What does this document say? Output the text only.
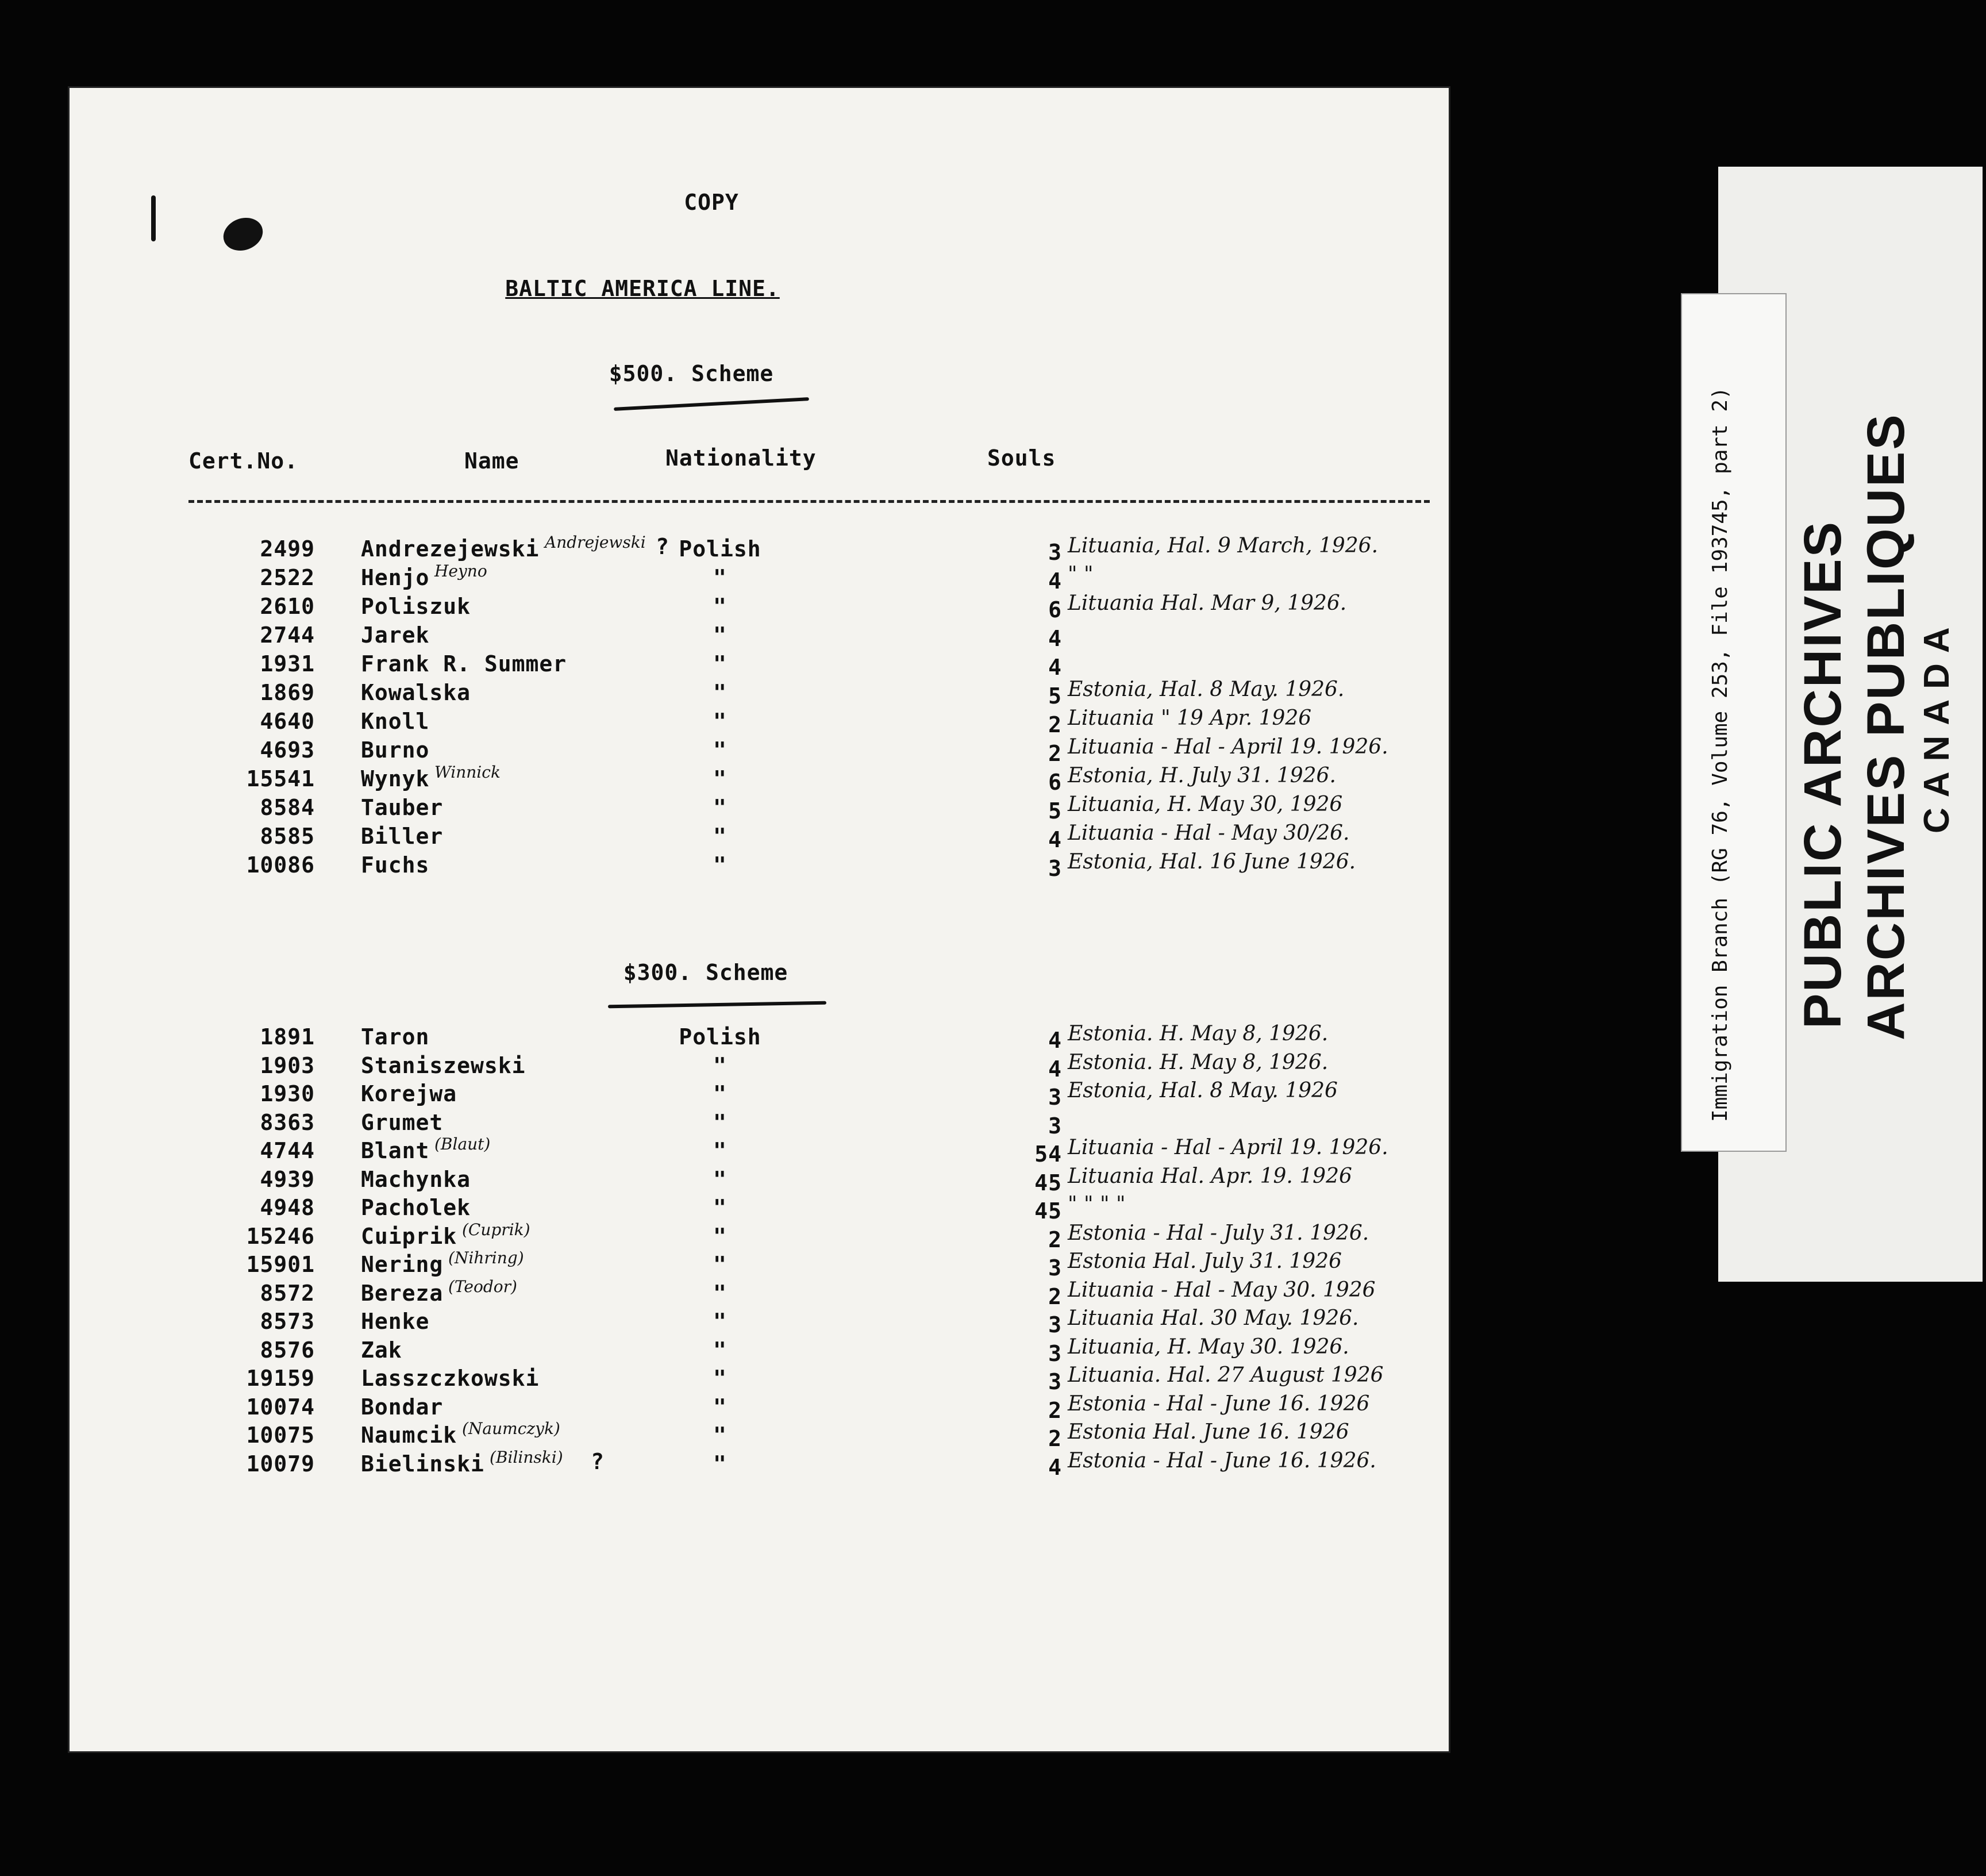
COPY
BALTIC AMERICA LINE.
$500. Scheme
Cert.No.	Name	Nationality	Souls
2499 Andrezejewski Andrejewski ? Polish	3 Lituania, Hal. 9 March, 1926.
2522 Henjo Heyno	"	4 " "
2610 Poliszuk	"	6 Lituania Hal. Mar 9, 1926.
2744 Jarek	"	4
1931 Frank R. Summer	"	4
1869 Kowalska	"	5 Estonia, Hal. 8 May. 1926.
4640 Knoll	"	2 Lituania " 19 Apr. 1926
4693 Burno	"	2 Lituania - Hal - April 19. 1926.
15541 Wynyk Winnick	"	6 Estonia, H. July 31. 1926.
8584 Tauber	"	5 Lituania, H. May 30, 1926
8585 Biller	"	4 Lituania - Hal - May 30/26.
10086 Fuchs	"	3 Estonia, Hal. 16 June 1926.
$300. Scheme
1891 Taron	Polish	4 Estonia. H. May 8, 1926.
1903 Staniszewski	"	4 Estonia. H. May 8, 1926.
1930 Korejwa	"	3 Estonia, Hal. 8 May. 1926
8363 Grumet	"	3
4744 Blant (Blaut)	"	54 Lituania - Hal - April 19. 1926.
4939 Machynka	"	45 Lituania Hal. Apr. 19. 1926
4948 Pacholek	"	45 " " " "
15246 Cuiprik (Cuprik)	"	2 Estonia - Hal - July 31. 1926.
15901 Nering (Nihring)	"	3 Estonia Hal. July 31. 1926
8572 Bereza (Teodor)	"	2 Lituania - Hal - May 30. 1926
8573 Henke	"	3 Lituania Hal. 30 May. 1926.
8576 Zak	"	3 Lituania, H. May 30. 1926.
19159 Lasszczkowski	"	3 Lituania. Hal. 27 August 1926
10074 Bondar	"	2 Estonia - Hal - June 16. 1926
10075 Naumcik (Naumczyk)	"	2 Estonia Hal. June 16. 1926
10079 Bielinski (Bilinski) ?	"	4 Estonia - Hal - June 16. 1926.
PUBLIC ARCHIVES ARCHIVES PUBLIQUES CANADA
Immigration Branch (RG 76, Volume 253, File 193745, part 2)
